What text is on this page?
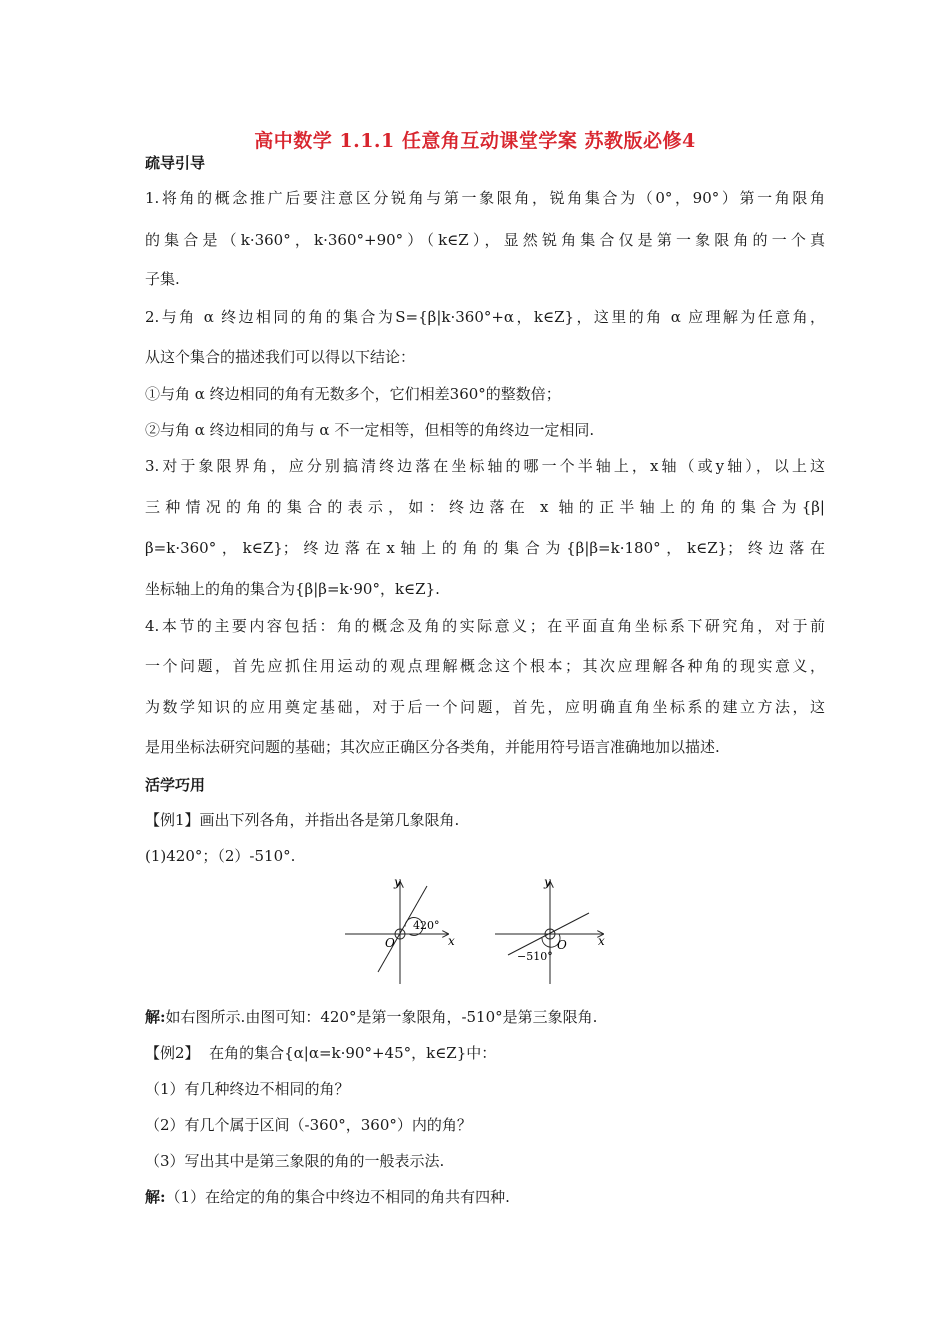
高中数学 1.1.1 任意角互动课堂学案 苏教版必修4
疏导引导
1.将角的概念推广后要注意区分锐角与第一象限角，锐角集合为（0°，90°）第一角限角
的集合是（k·360°，k·360°+90°）（k∈Z），显然锐角集合仅是第一象限角的一个真
子集.
2.与角 α 终边相同的角的集合为S={β|k·360°+α，k∈Z}，这里的角 α 应理解为任意角，
从这个集合的描述我们可以得以下结论：
①与角 α 终边相同的角有无数多个，它们相差360°的整数倍；
②与角 α 终边相同的角与 α 不一定相等，但相等的角终边一定相同.
3.对于象限界角，应分别搞清终边落在坐标轴的哪一个半轴上，x轴（或y轴），以上这
三种情况的角的集合的表示，如：终边落在 x 轴的正半轴上的角的集合为{β|
β=k·360°，k∈Z}；终边落在x轴上的角的集合为{β|β=k·180°，k∈Z}；终边落在
坐标轴上的角的集合为{β|β=k·90°，k∈Z}.
4.本节的主要内容包括：角的概念及角的实际意义；在平面直角坐标系下研究角，对于前
一个问题，首先应抓住用运动的观点理解概念这个根本；其次应理解各种角的现实意义，
为数学知识的应用奠定基础，对于后一个问题，首先，应明确直角坐标系的建立方法，这
是用坐标法研究问题的基础；其次应正确区分各类角，并能用符号语言准确地加以描述.
活学巧用
【例1】画出下列各角，并指出各是第几象限角.
(1)420°；（2）-510°.
y
x
O
420°
y
x
O
−510°
解:如右图所示.由图可知：420°是第一象限角，-510°是第三象限角.
【例2】 在角的集合{α|α=k·90°+45°，k∈Z}中：
（1）有几种终边不相同的角？
（2）有几个属于区间（-360°，360°）内的角？
（3）写出其中是第三象限的角的一般表示法.
解:（1）在给定的角的集合中终边不相同的角共有四种.
